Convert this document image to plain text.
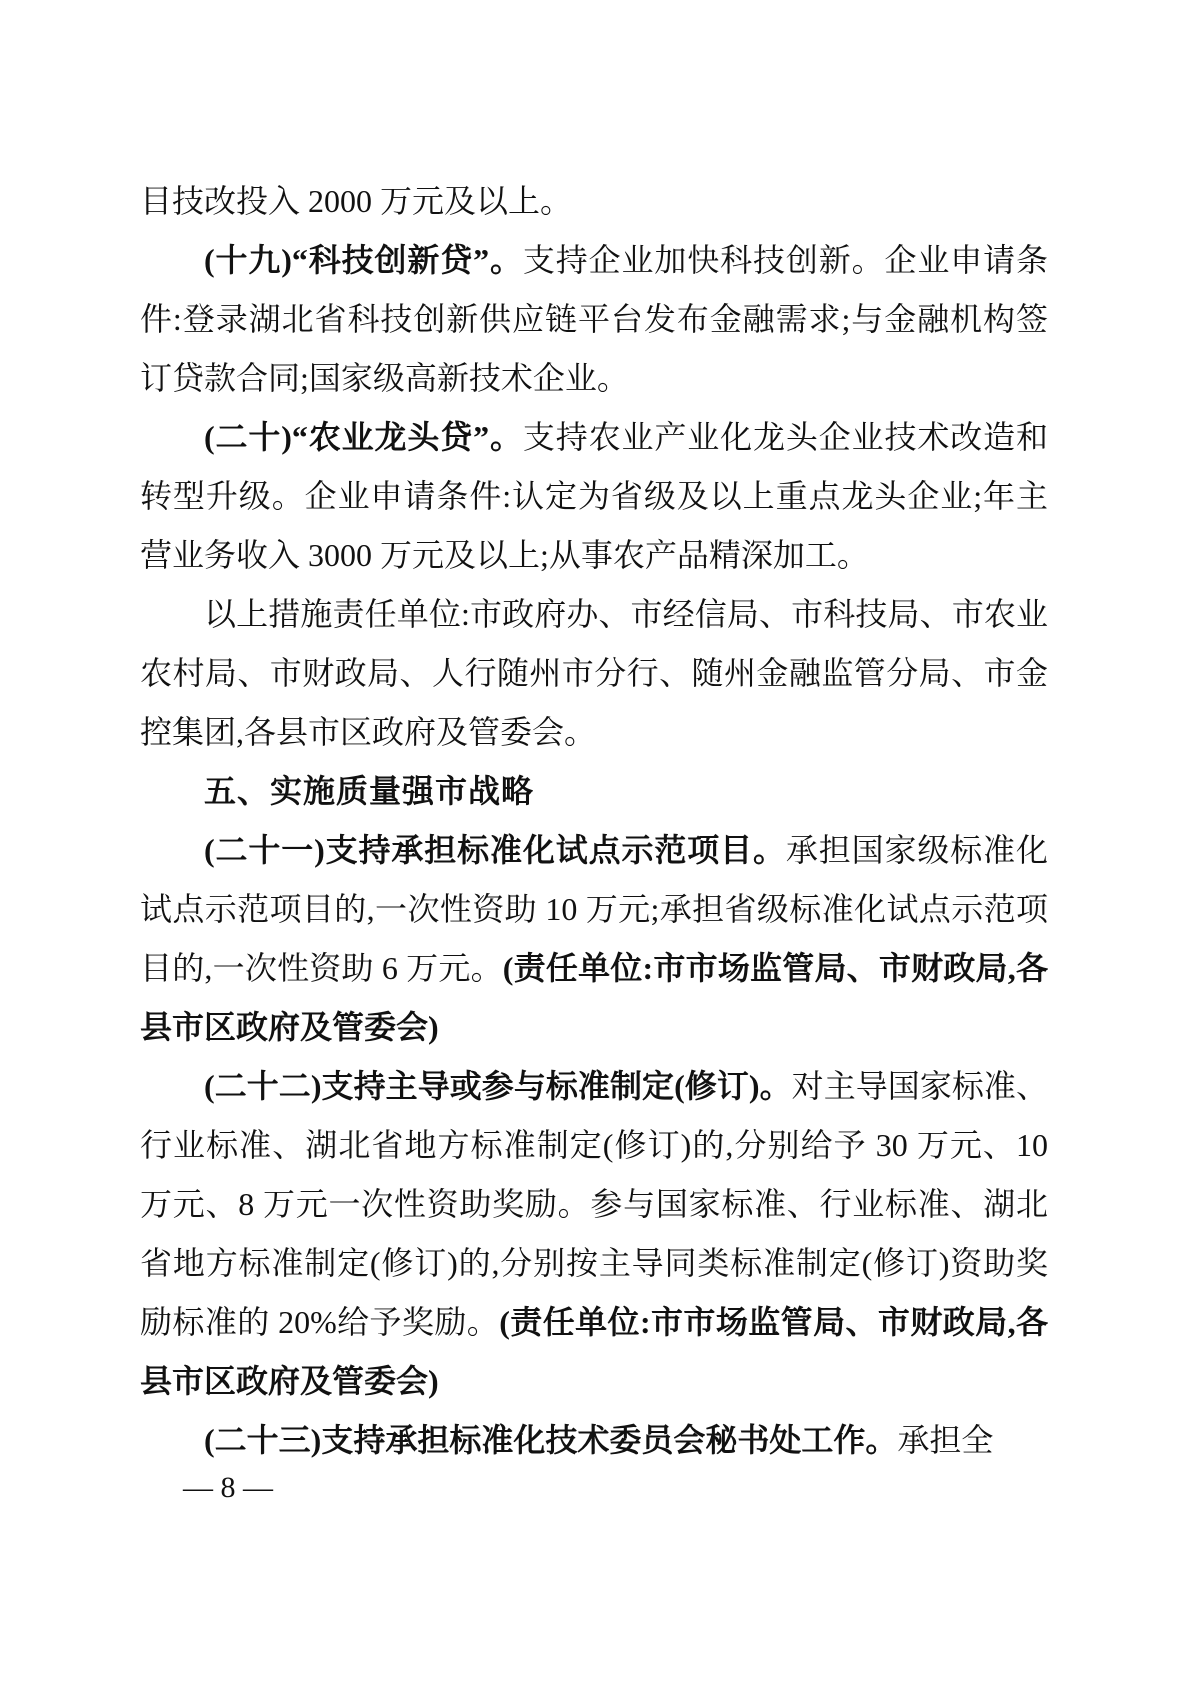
目技改投入 2000 万元及以上。

(十九)“科技创新贷”。支持企业加快科技创新。企业申请条件:登录湖北省科技创新供应链平台发布金融需求;与金融机构签订贷款合同;国家级高新技术企业。

(二十)“农业龙头贷”。支持农业产业化龙头企业技术改造和转型升级。企业申请条件:认定为省级及以上重点龙头企业;年主营业务收入 3000 万元及以上;从事农产品精深加工。

以上措施责任单位:市政府办、市经信局、市科技局、市农业农村局、市财政局、人行随州市分行、随州金融监管分局、市金控集团,各县市区政府及管委会。

五、实施质量强市战略

(二十一)支持承担标准化试点示范项目。承担国家级标准化试点示范项目的,一次性资助 10 万元;承担省级标准化试点示范项目的,一次性资助 6 万元。(责任单位:市市场监管局、市财政局,各县市区政府及管委会)

(二十二)支持主导或参与标准制定(修订)。对主导国家标准、行业标准、湖北省地方标准制定(修订)的,分别给予 30 万元、10 万元、8 万元一次性资助奖励。参与国家标准、行业标准、湖北省地方标准制定(修订)的,分别按主导同类标准制定(修订)资助奖励标准的 20%给予奖励。(责任单位:市市场监管局、市财政局,各县市区政府及管委会)

(二十三)支持承担标准化技术委员会秘书处工作。承担全

— 8 —
